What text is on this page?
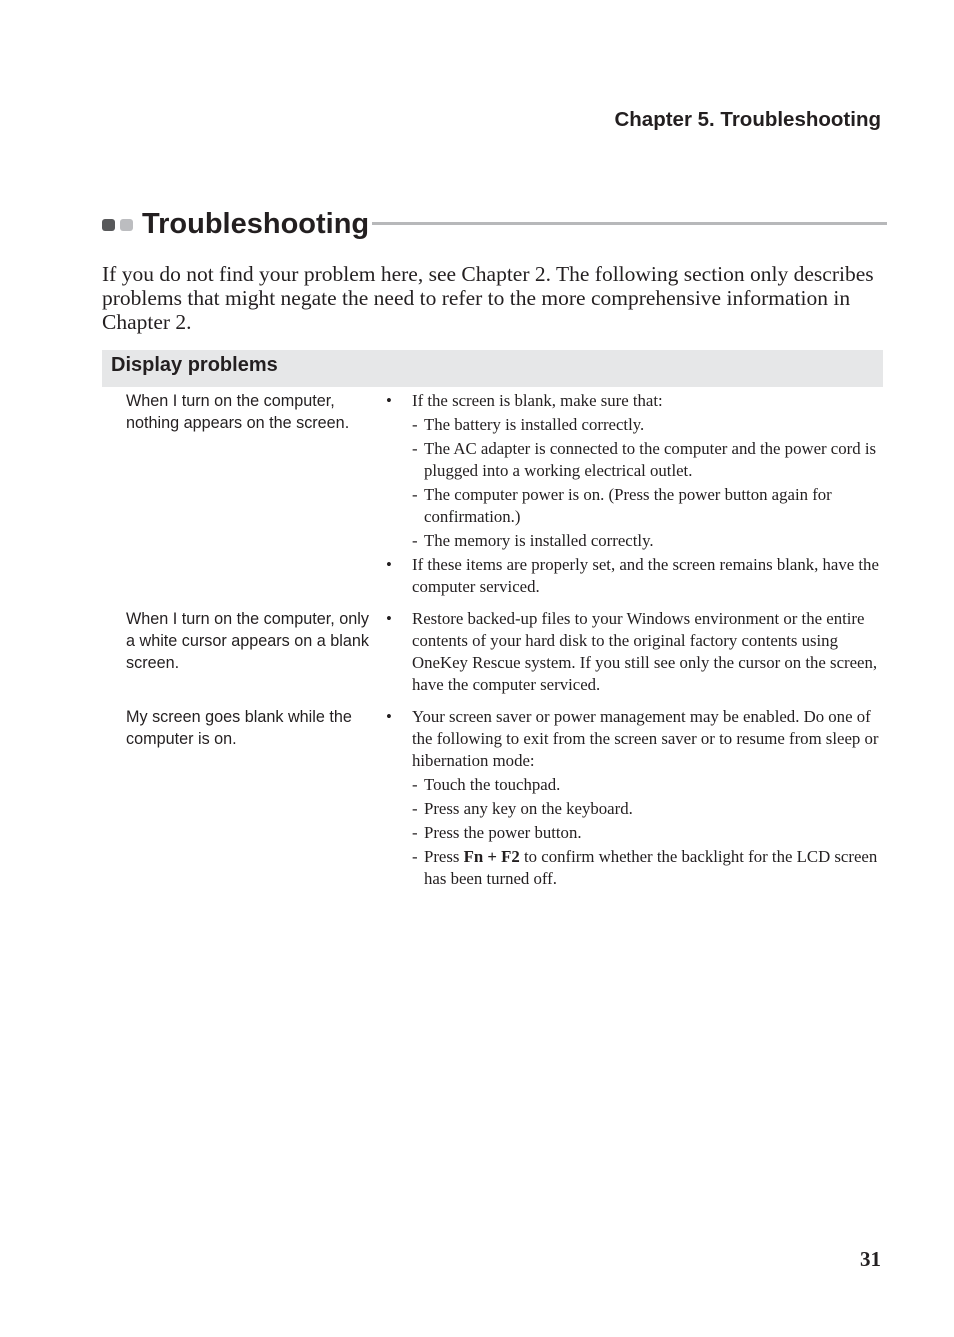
Chapter 5. Troubleshooting
Troubleshooting

If you do not find your problem here, see Chapter 2. The following section only describes problems that might negate the need to refer to the more comprehensive information in Chapter 2.

Display problems
When I turn on the computer, nothing appears on the screen.
• If the screen is blank, make sure that:
- The battery is installed correctly.
- The AC adapter is connected to the computer and the power cord is plugged into a working electrical outlet.
- The computer power is on. (Press the power button again for confirmation.)
- The memory is installed correctly.
• If these items are properly set, and the screen remains blank, have the computer serviced.
When I turn on the computer, only a white cursor appears on a blank screen.
• Restore backed-up files to your Windows environment or the entire contents of your hard disk to the original factory contents using OneKey Rescue system. If you still see only the cursor on the screen, have the computer serviced.
My screen goes blank while the computer is on.
• Your screen saver or power management may be enabled. Do one of the following to exit from the screen saver or to resume from sleep or hibernation mode:
- Touch the touchpad.
- Press any key on the keyboard.
- Press the power button.
- Press Fn + F2 to confirm whether the backlight for the LCD screen has been turned off.
31
